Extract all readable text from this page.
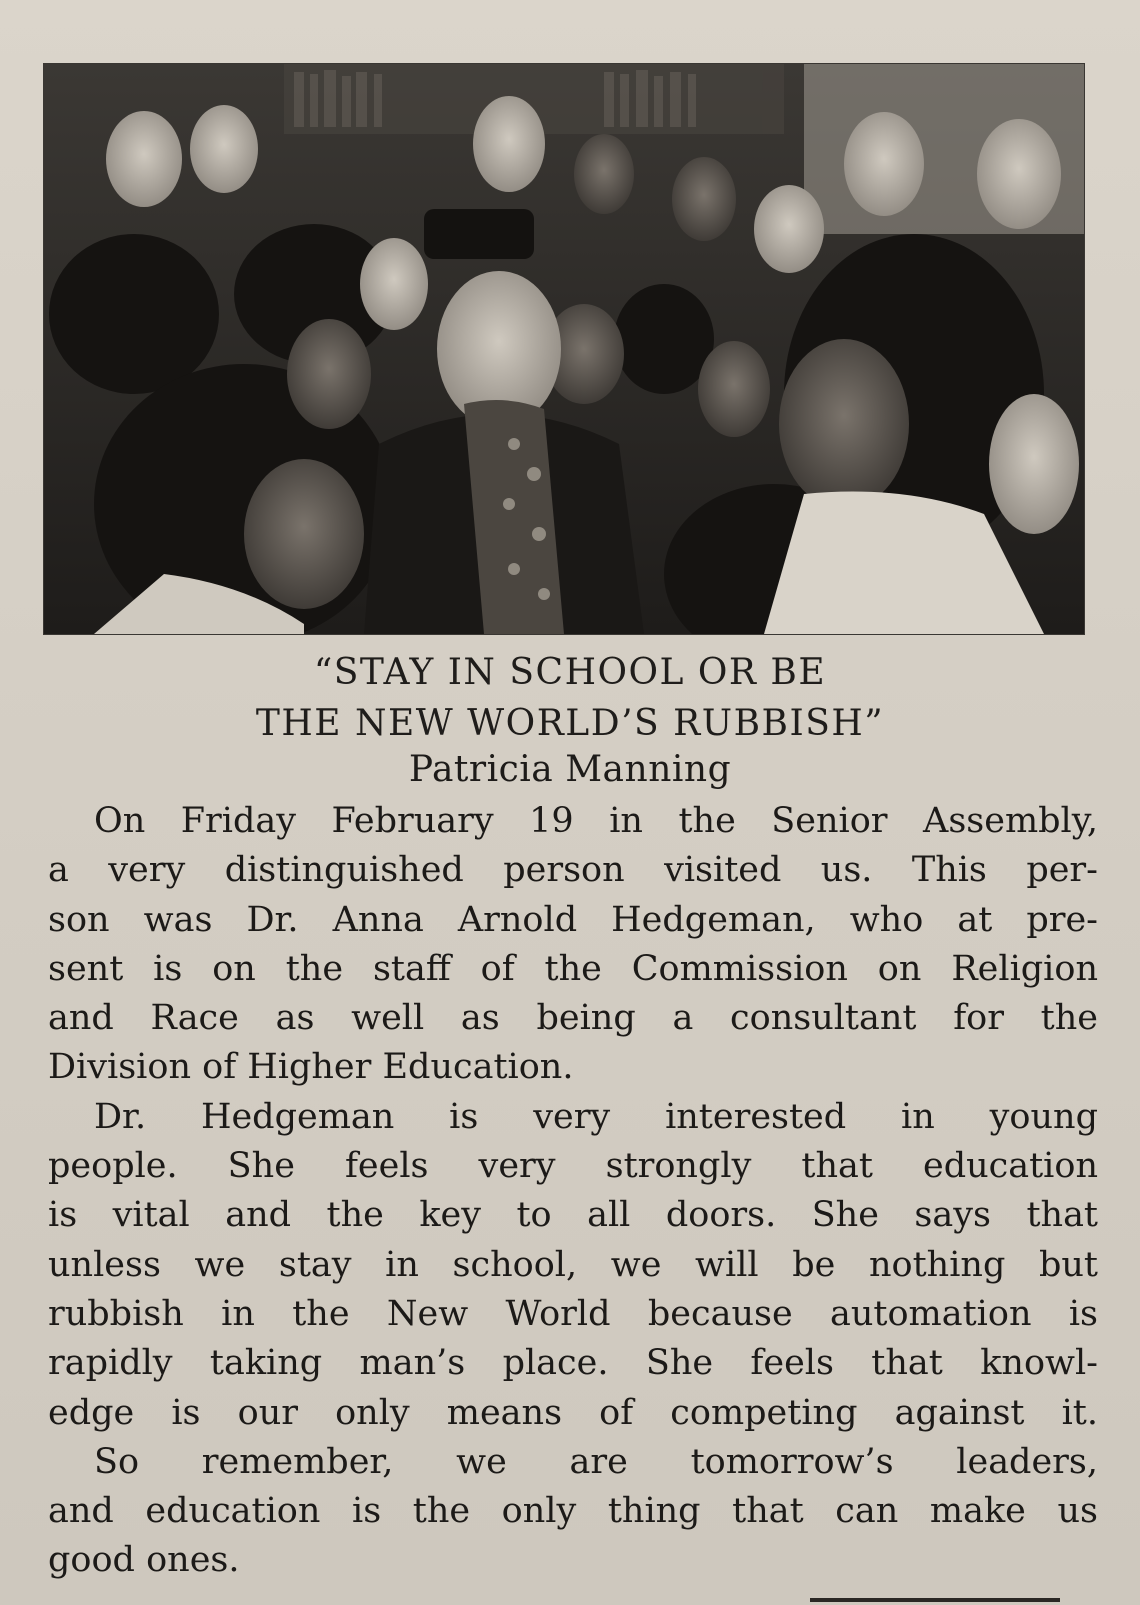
“STAY IN SCHOOL OR BE
THE NEW WORLD’S RUBBISH”
Patricia Manning
On Friday February 19 in the Senior Assembly,
a very distinguished person visited us. This per-
son was Dr. Anna Arnold Hedgeman, who at pre-
sent is on the staff of the Commission on Religion
and Race as well as being a consultant for the
Division of Higher Education.
Dr. Hedgeman is very interested in young
people. She feels very strongly that education
is vital and the key to all doors. She says that
unless we stay in school, we will be nothing but
rubbish in the New World because automation is
rapidly taking man’s place. She feels that knowl-
edge is our only means of competing against it.
So remember, we are tomorrow’s leaders,
and education is the only thing that can make us
good ones.
